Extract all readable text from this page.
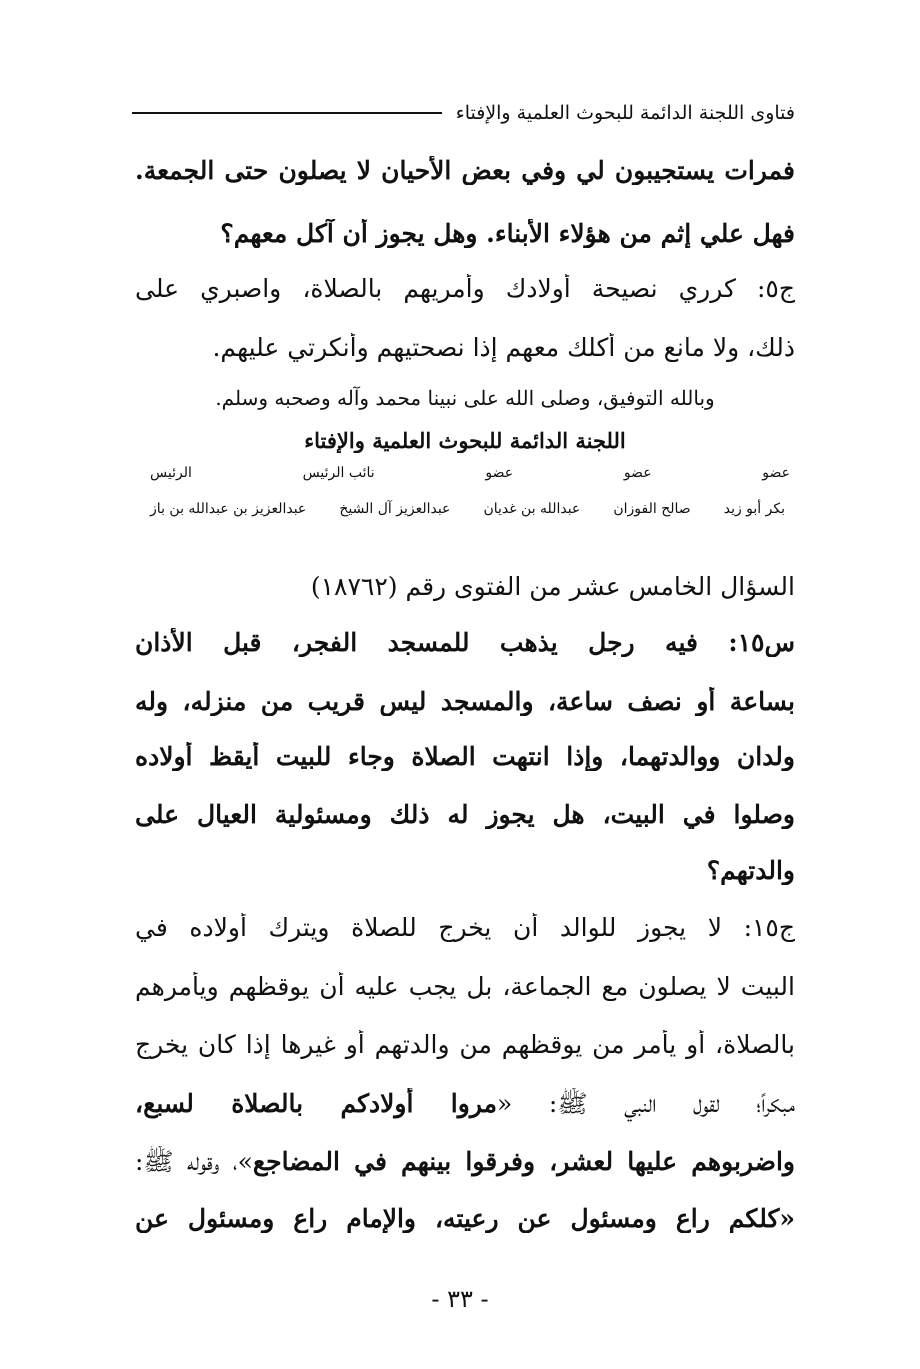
فتاوى اللجنة الدائمة للبحوث العلمية والإفتاء
فمرات يستجيبون لي وفي بعض الأحيان لا يصلون حتى الجمعة.
فهل علي إثم من هؤلاء الأبناء. وهل يجوز أن آكل معهم؟
ج٥: كرري نصيحة أولادك وأمريهم بالصلاة، واصبري على
ذلك، ولا مانع من أكلك معهم إذا نصحتيهم وأنكرتي عليهم.
وبالله التوفيق، وصلى الله على نبينا محمد وآله وصحبه وسلم.
اللجنة الدائمة للبحوث العلمية والإفتاء
عضو
عضو
عضو
نائب الرئيس
الرئيس
بكر أبو زيد
صالح الفوزان
عبدالله بن غديان
عبدالعزيز آل الشيخ
عبدالعزيز بن عبدالله بن باز
السؤال الخامس عشر من الفتوى رقم (١٨٧٦٢)
س١٥: فيه رجل يذهب للمسجد الفجر، قبل الأذان
بساعة أو نصف ساعة، والمسجد ليس قريب من منزله، وله
ولدان ووالدتهما، وإذا انتهت الصلاة وجاء للبيت أيقظ أولاده
وصلوا في البيت، هل يجوز له ذلك ومسئولية العيال على
والدتهم؟
ج١٥: لا يجوز للوالد أن يخرج للصلاة ويترك أولاده في
البيت لا يصلون مع الجماعة، بل يجب عليه أن يوقظهم ويأمرهم
بالصلاة، أو يأمر من يوقظهم من والدتهم أو غيرها إذا كان يخرج
مبكراً؛ لقول النبي ﷺ: «مروا أولادكم بالصلاة لسبع،
واضربوهم عليها لعشر، وفرقوا بينهم في المضاجع»، وقوله ﷺ:
«كلكم راع ومسئول عن رعيته، والإمام راع ومسئول عن
- ٣٣ -
